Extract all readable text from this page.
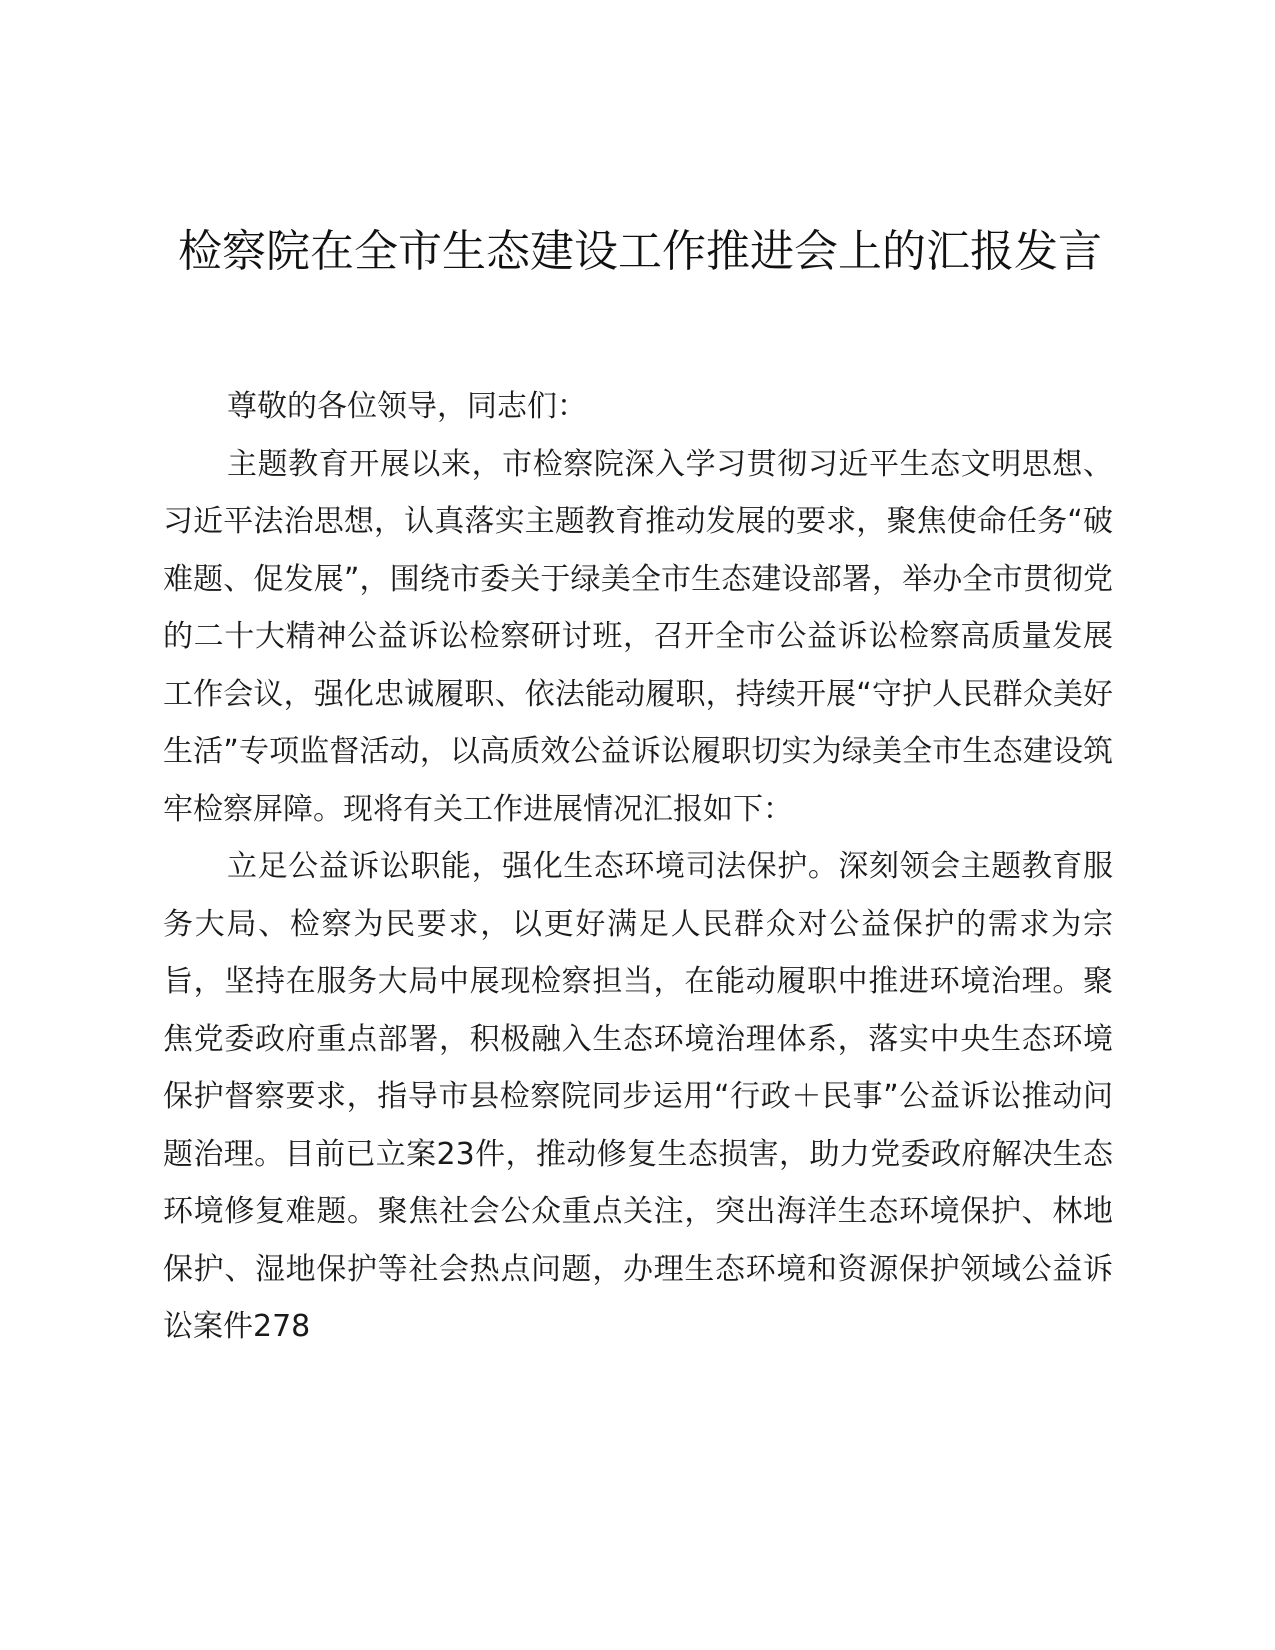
检察院在全市生态建设工作推进会上的汇报发言

尊敬的各位领导，同志们：

主题教育开展以来，市检察院深入学习贯彻习近平生态文明思想、习近平法治思想，认真落实主题教育推动发展的要求，聚焦使命任务“破难题、促发展”，围绕市委关于绿美全市生态建设部署，举办全市贯彻党的二十大精神公益诉讼检察研讨班，召开全市公益诉讼检察高质量发展工作会议，强化忠诚履职、依法能动履职，持续开展“守护人民群众美好生活”专项监督活动，以高质效公益诉讼履职切实为绿美全市生态建设筑牢检察屏障。现将有关工作进展情况汇报如下：

立足公益诉讼职能，强化生态环境司法保护。深刻领会主题教育服务大局、检察为民要求，以更好满足人民群众对公益保护的需求为宗旨，坚持在服务大局中展现检察担当，在能动履职中推进环境治理。聚焦党委政府重点部署，积极融入生态环境治理体系，落实中央生态环境保护督察要求，指导市县检察院同步运用“行政＋民事”公益诉讼推动问题治理。目前已立案23件，推动修复生态损害，助力党委政府解决生态环境修复难题。聚焦社会公众重点关注，突出海洋生态环境保护、林地保护、湿地保护等社会热点问题，办理生态环境和资源保护领域公益诉讼案件278
